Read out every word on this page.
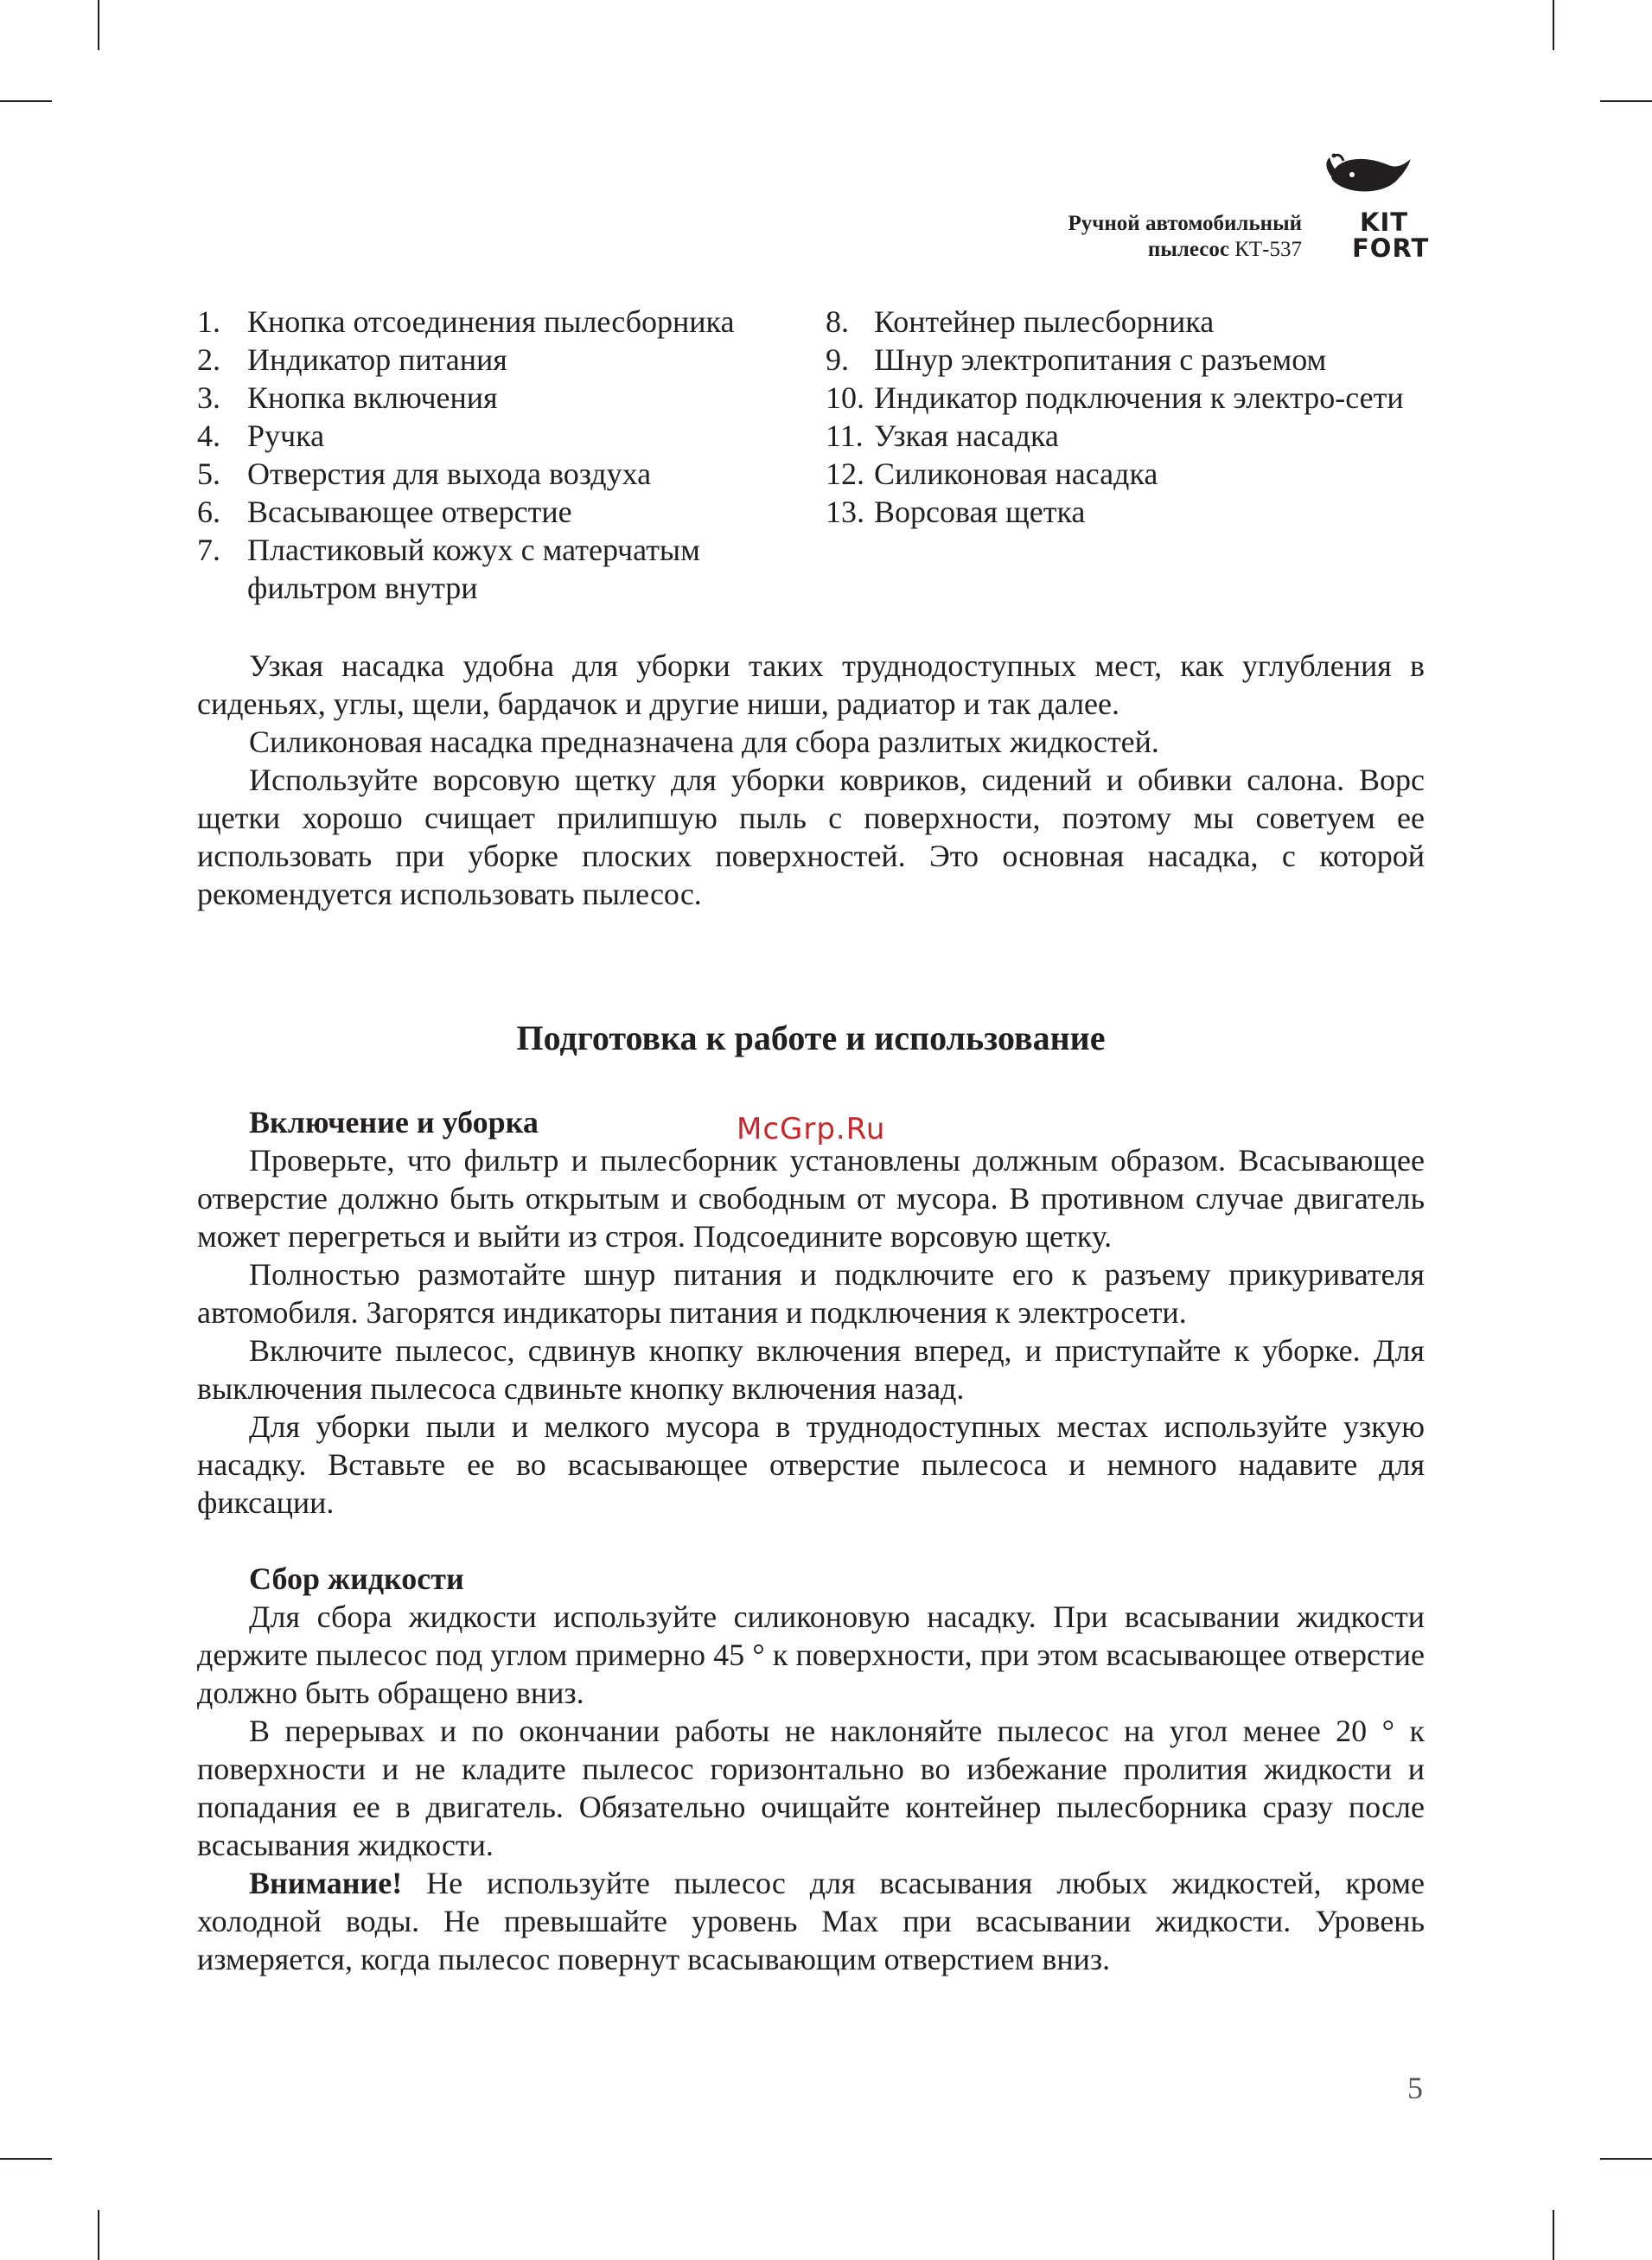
Ручной автомобильный
пылесос КТ-537
KIT
FORT
1. Кнопка отсоединения пылесборника
2. Индикатор питания
3. Кнопка включения
4. Ручка
5. Отверстия для выхода воздуха
6. Всасывающее отверстие
7. Пластиковый кожух с матерчатым фильтром внутри
8. Контейнер пылесборника
9. Шнур электропитания с разъемом
10. Индикатор подключения к электро-сети
11. Узкая насадка
12. Силиконовая насадка
13. Ворсовая щетка

Узкая насадка удобна для уборки таких труднодоступных мест, как углубления в сиденьях, углы, щели, бардачок и другие ниши, радиатор и так далее.

Силиконовая насадка предназначена для сбора разлитых жидкостей.

Используйте ворсовую щетку для уборки ковриков, сидений и обивки салона. Ворс щетки хорошо счищает прилипшую пыль с поверхности, поэтому мы советуем ее использовать при уборке плоских поверхностей. Это основная насадка, с которой рекомендуется использовать пылесос.

Подготовка к работе и использование
McGrp.Ru
Включение и уборка

Проверьте, что фильтр и пылесборник установлены должным образом. Всасывающее отверстие должно быть открытым и свободным от мусора. В противном случае двигатель может перегреться и выйти из строя. Подсоедините ворсовую щетку.

Полностью размотайте шнур питания и подключите его к разъему прикуривателя автомобиля. Загорятся индикаторы питания и подключения к электросети.

Включите пылесос, сдвинув кнопку включения вперед, и приступайте к уборке. Для выключения пылесоса сдвиньте кнопку включения назад.

Для уборки пыли и мелкого мусора в труднодоступных местах используйте узкую насадку. Вставьте ее во всасывающее отверстие пылесоса и немного надавите для фиксации.

Сбор жидкости

Для сбора жидкости используйте силиконовую насадку. При всасывании жидкости держите пылесос под углом примерно 45 ° к поверхности, при этом всасывающее отверстие должно быть обращено вниз.

В перерывах и по окончании работы не наклоняйте пылесос на угол менее 20 ° к поверхности и не кладите пылесос горизонтально во избежание пролития жидкости и попадания ее в двигатель. Обязательно очищайте контейнер пылесборника сразу после всасывания жидкости.

Внимание! Не используйте пылесос для всасывания любых жидкостей, кроме холодной воды. Не превышайте уровень Max при всасывании жидкости. Уровень измеряется, когда пылесос повернут всасывающим отверстием вниз.

5
